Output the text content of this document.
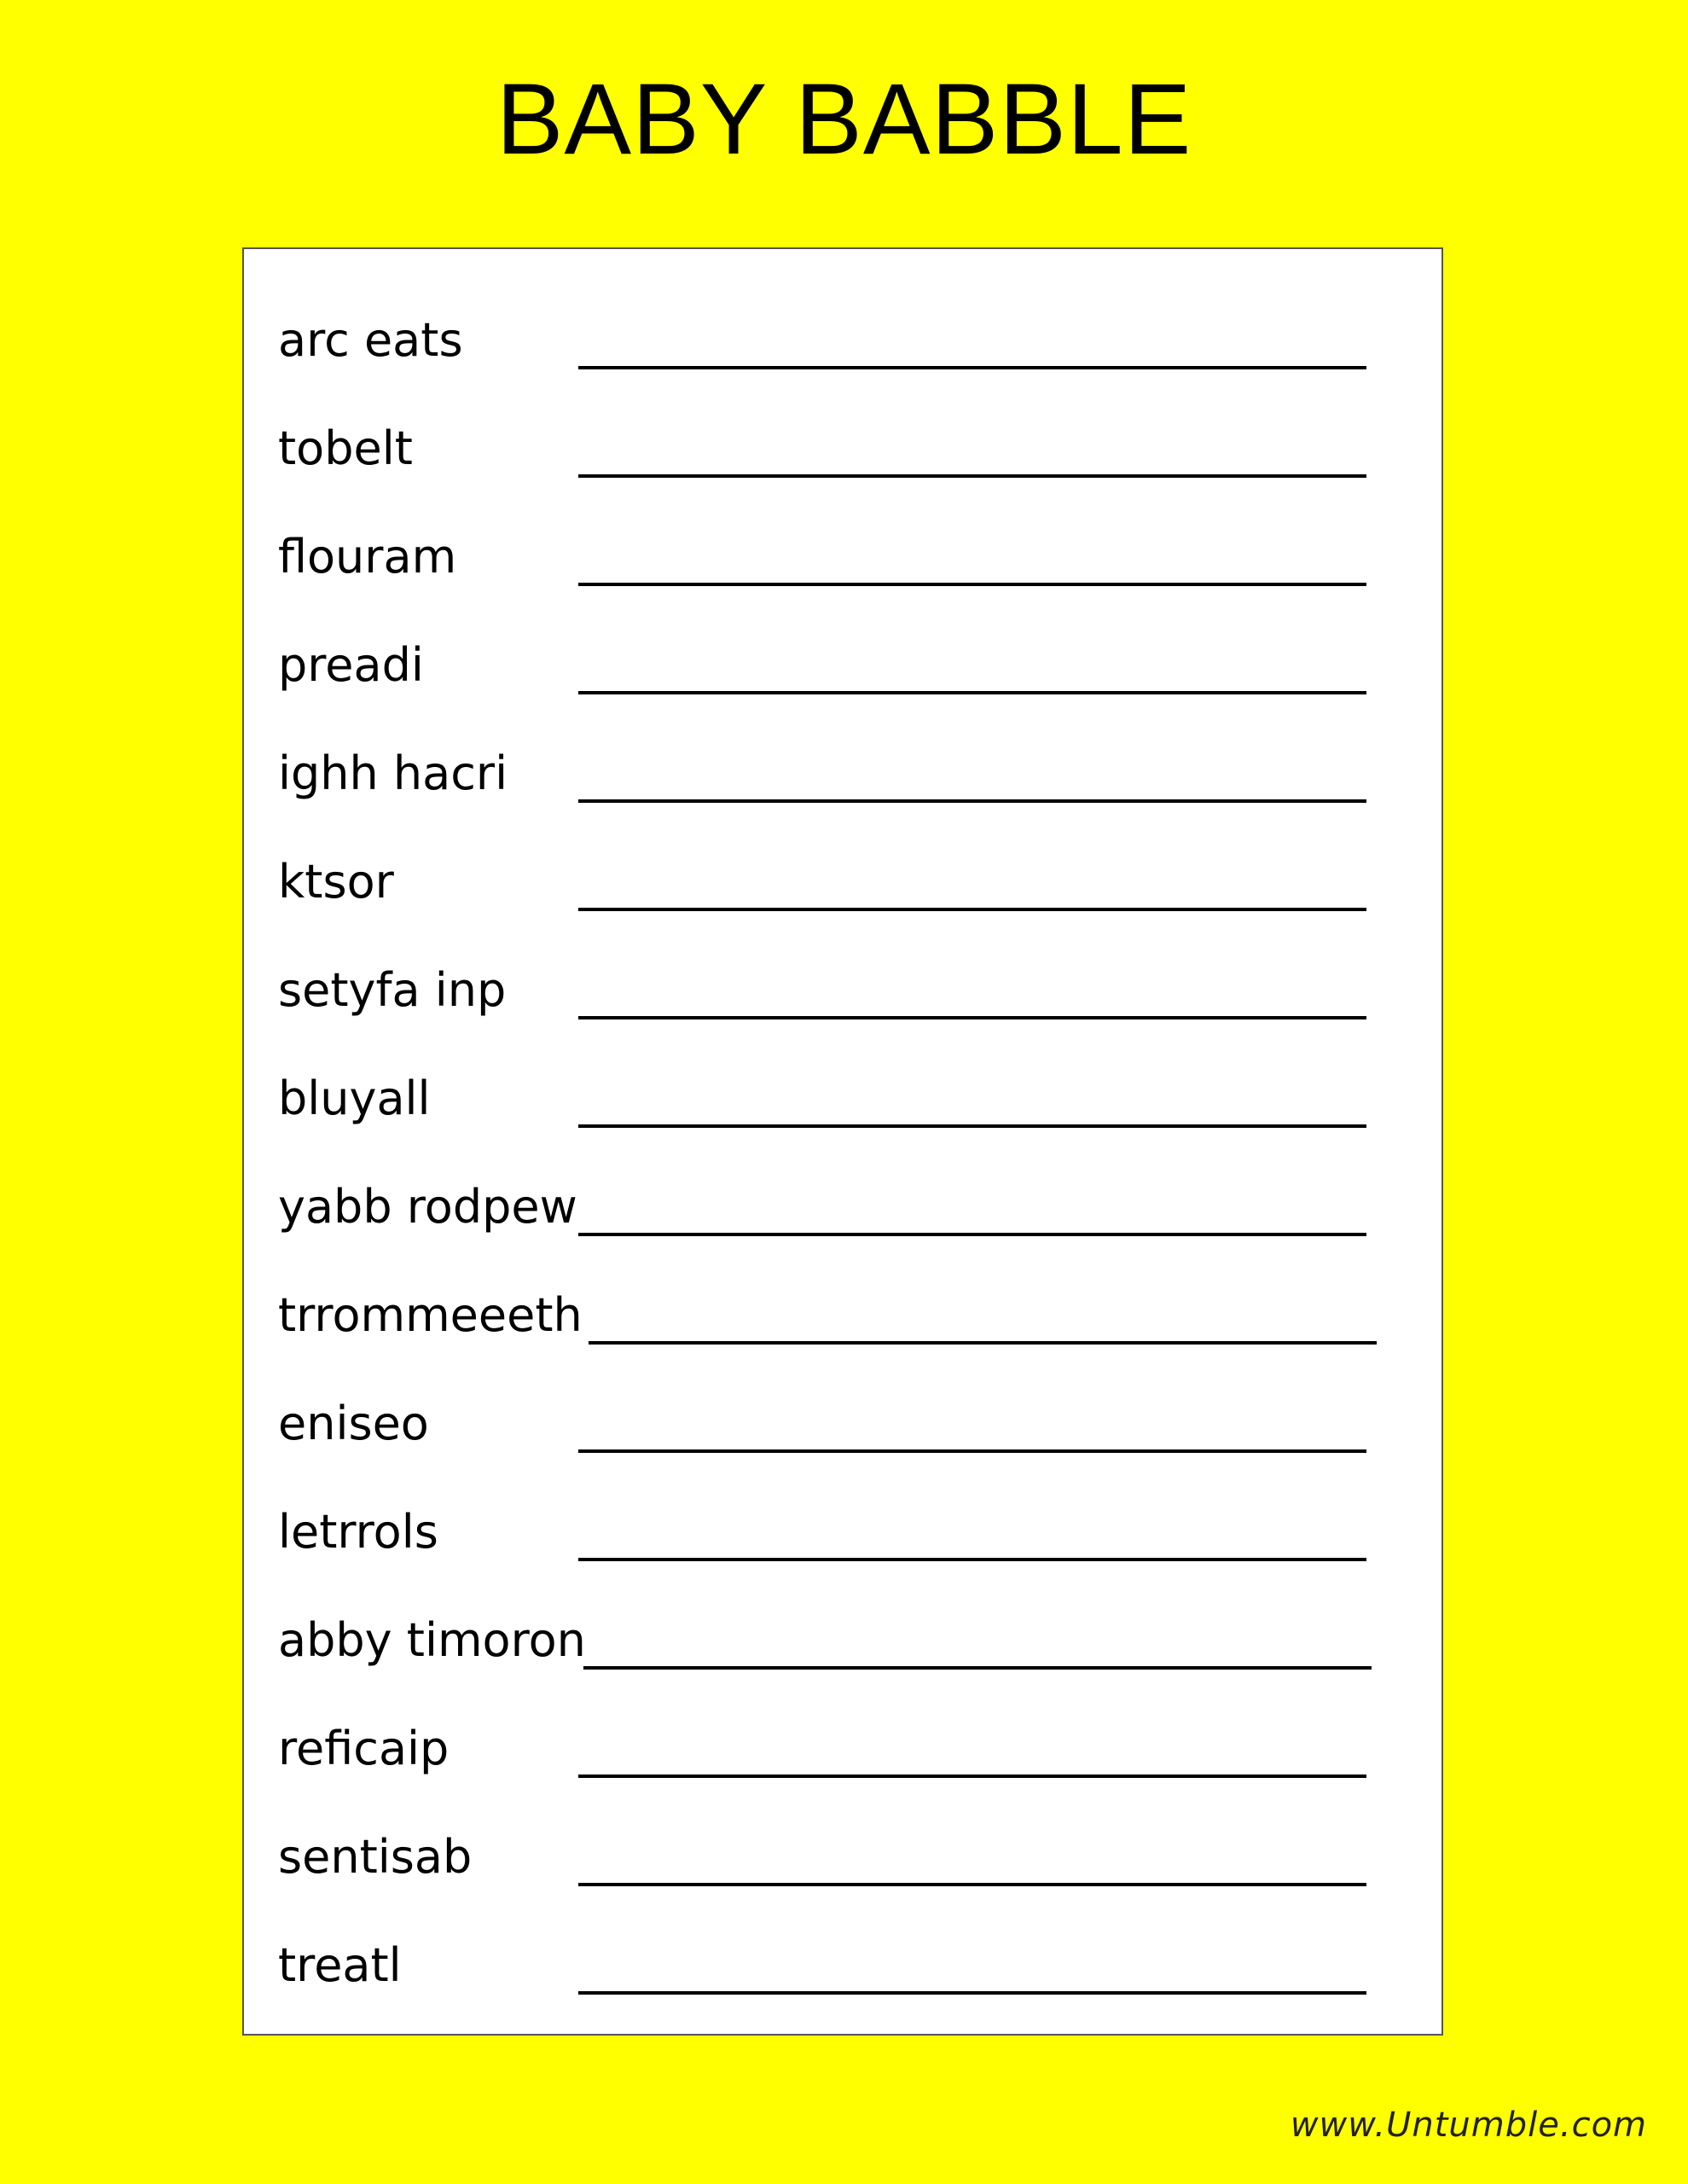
BABY BABBLE
arc eats
tobelt
flouram
preadi
ighh hacri
ktsor
setyfa inp
bluyall
yabb rodpew
trrommeeeth
eniseo
letrrols
abby timoron
reficaip
sentisab
treatl
www.Untumble.com
